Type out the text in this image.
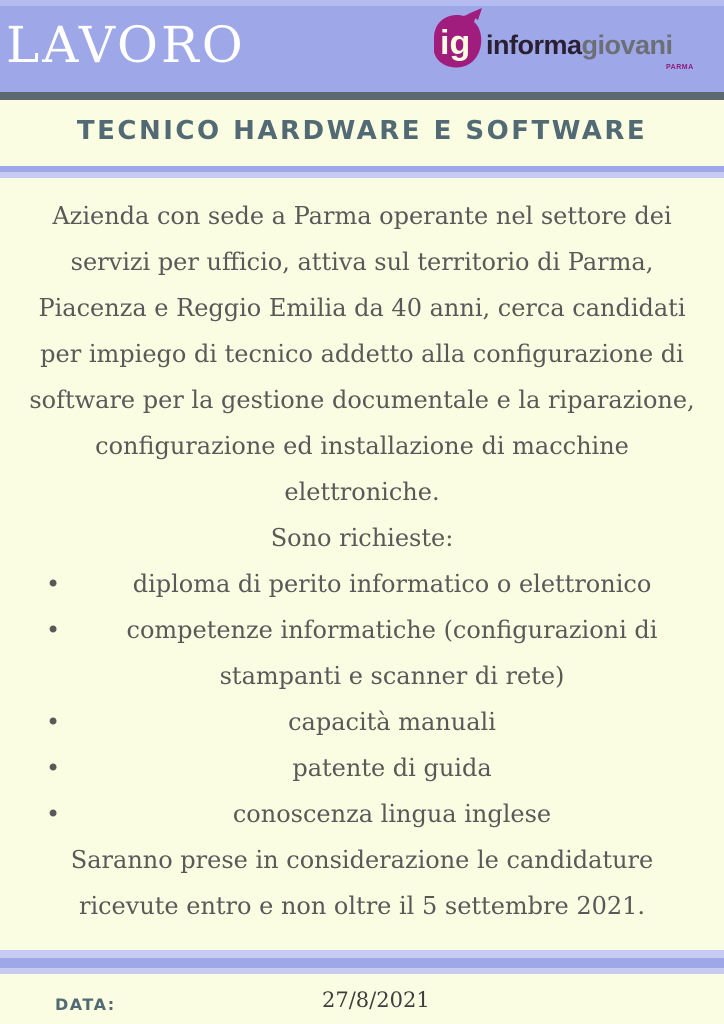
LAVORO	ig informagiovani
PARMA
TECNICO HARDWARE E SOFTWARE

Azienda con sede a Parma operante nel settore dei servizi per ufficio, attiva sul territorio di Parma, Piacenza e Reggio Emilia da 40 anni, cerca candidati per impiego di tecnico addetto alla configurazione di software per la gestione documentale e la riparazione, configurazione ed installazione di macchine elettroniche.

Sono richieste:

•	diploma di perito informatico o elettronico
•	competenze informatiche (configurazioni di stampanti e scanner di rete)
•	capacità manuali
•	patente di guida
•	conoscenza lingua inglese

Saranno prese in considerazione le candidature ricevute entro e non oltre il 5 settembre 2021.

DATA:	27/8/2021
